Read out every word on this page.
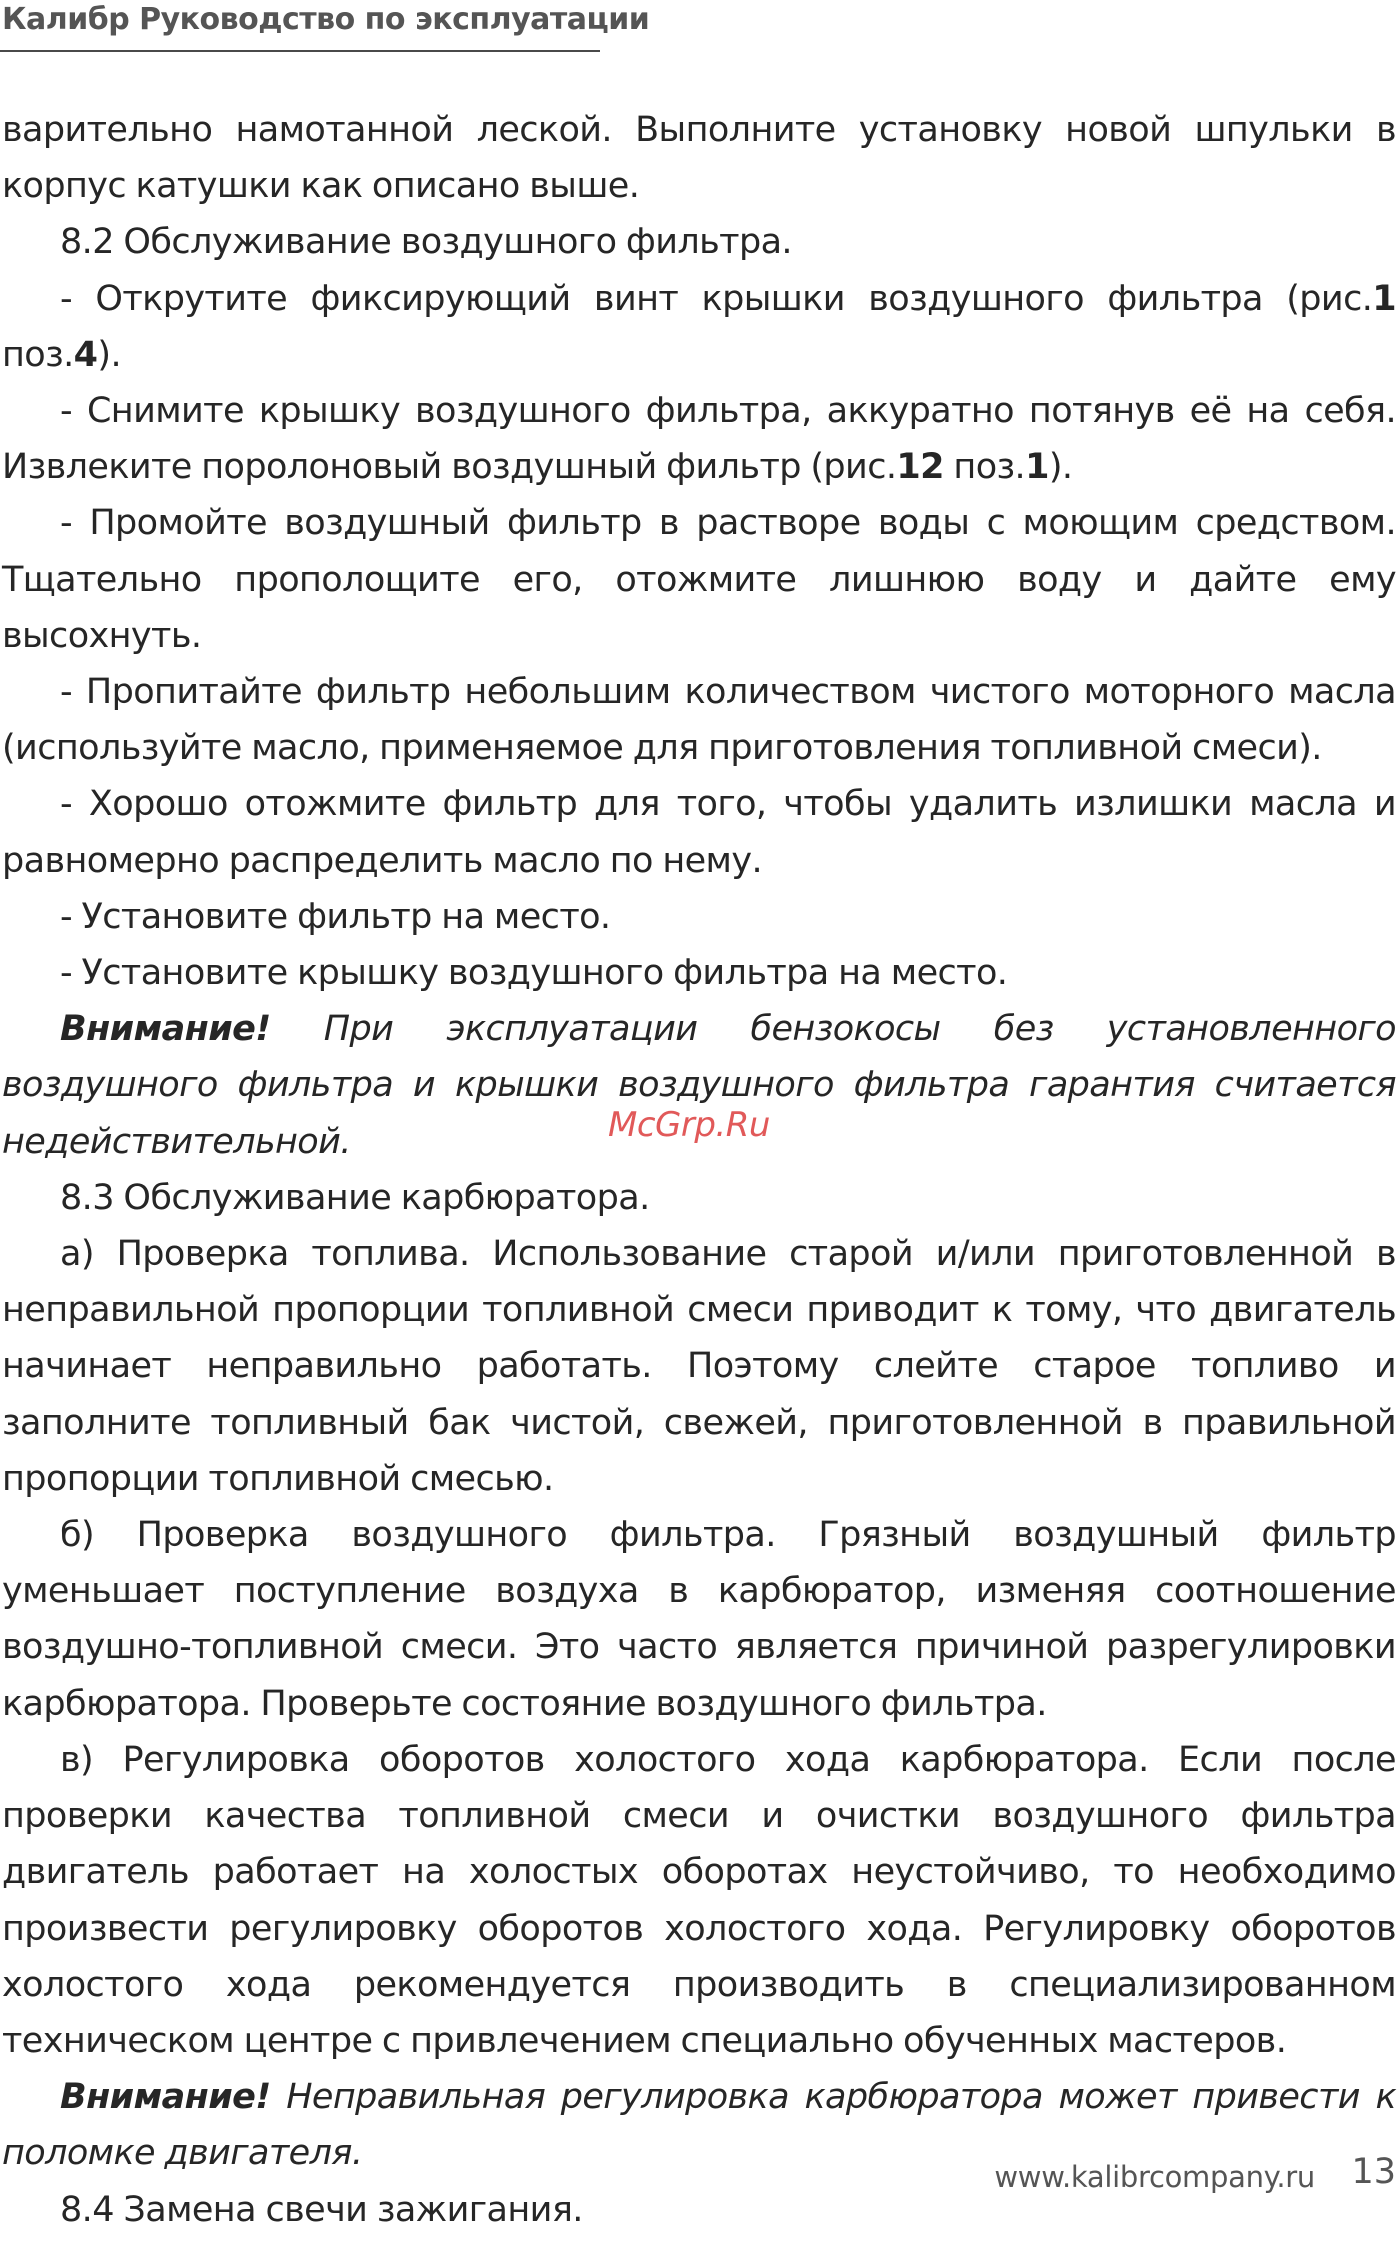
Калибр Руководство по эксплуатации

варительно намотанной леской. Выполните установку новой шпульки в корпус катушки как описано выше.

8.2 Обслуживание воздушного фильтра.

- Открутите фиксирующий винт крышки воздушного фильтра (рис.1 поз.4).

- Снимите крышку воздушного фильтра, аккуратно потянув её на себя. Извлеките поролоновый воздушный фильтр (рис.12 поз.1).

- Промойте воздушный фильтр в растворе воды с моющим средством. Тщательно прополощите его, отожмите лишнюю воду и дайте ему высохнуть.

- Пропитайте фильтр небольшим количеством чистого моторного масла (используйте масло, применяемое для приготовления топливной смеси).

- Хорошо отожмите фильтр для того, чтобы удалить излишки масла и равномерно распределить масло по нему.

- Установите фильтр на место.

- Установите крышку воздушного фильтра на место.

Внимание! При эксплуатации бензокосы без установленного воздушного фильтра и крышки воздушного фильтра гарантия считается недействительной.

8.3 Обслуживание карбюратора.

а) Проверка топлива. Использование старой и/или приготовленной в неправильной пропорции топливной смеси приводит к тому, что двигатель начинает неправильно работать. Поэтому слейте старое топливо и заполните топливный бак чистой, свежей, приготовленной в правильной пропорции топливной смесью.

б) Проверка воздушного фильтра. Грязный воздушный фильтр уменьшает поступление воздуха в карбюратор, изменяя соотношение воздушно-топливной смеси. Это часто является причиной разрегулировки карбюратора. Проверьте состояние воздушного фильтра.

в) Регулировка оборотов холостого хода карбюратора. Если после проверки качества топливной смеси и очистки воздушного фильтра двигатель работает на холостых оборотах неустойчиво, то необходимо произвести регулировку оборотов холостого хода. Регулировку оборотов холостого хода рекомендуется производить в специализированном техническом центре с привлечением специально обученных мастеров.

Внимание! Неправильная регулировка карбюратора может привести к поломке двигателя.

8.4 Замена свечи зажигания.

McGrp.Ru
www.kalibrcompany.ru 13
